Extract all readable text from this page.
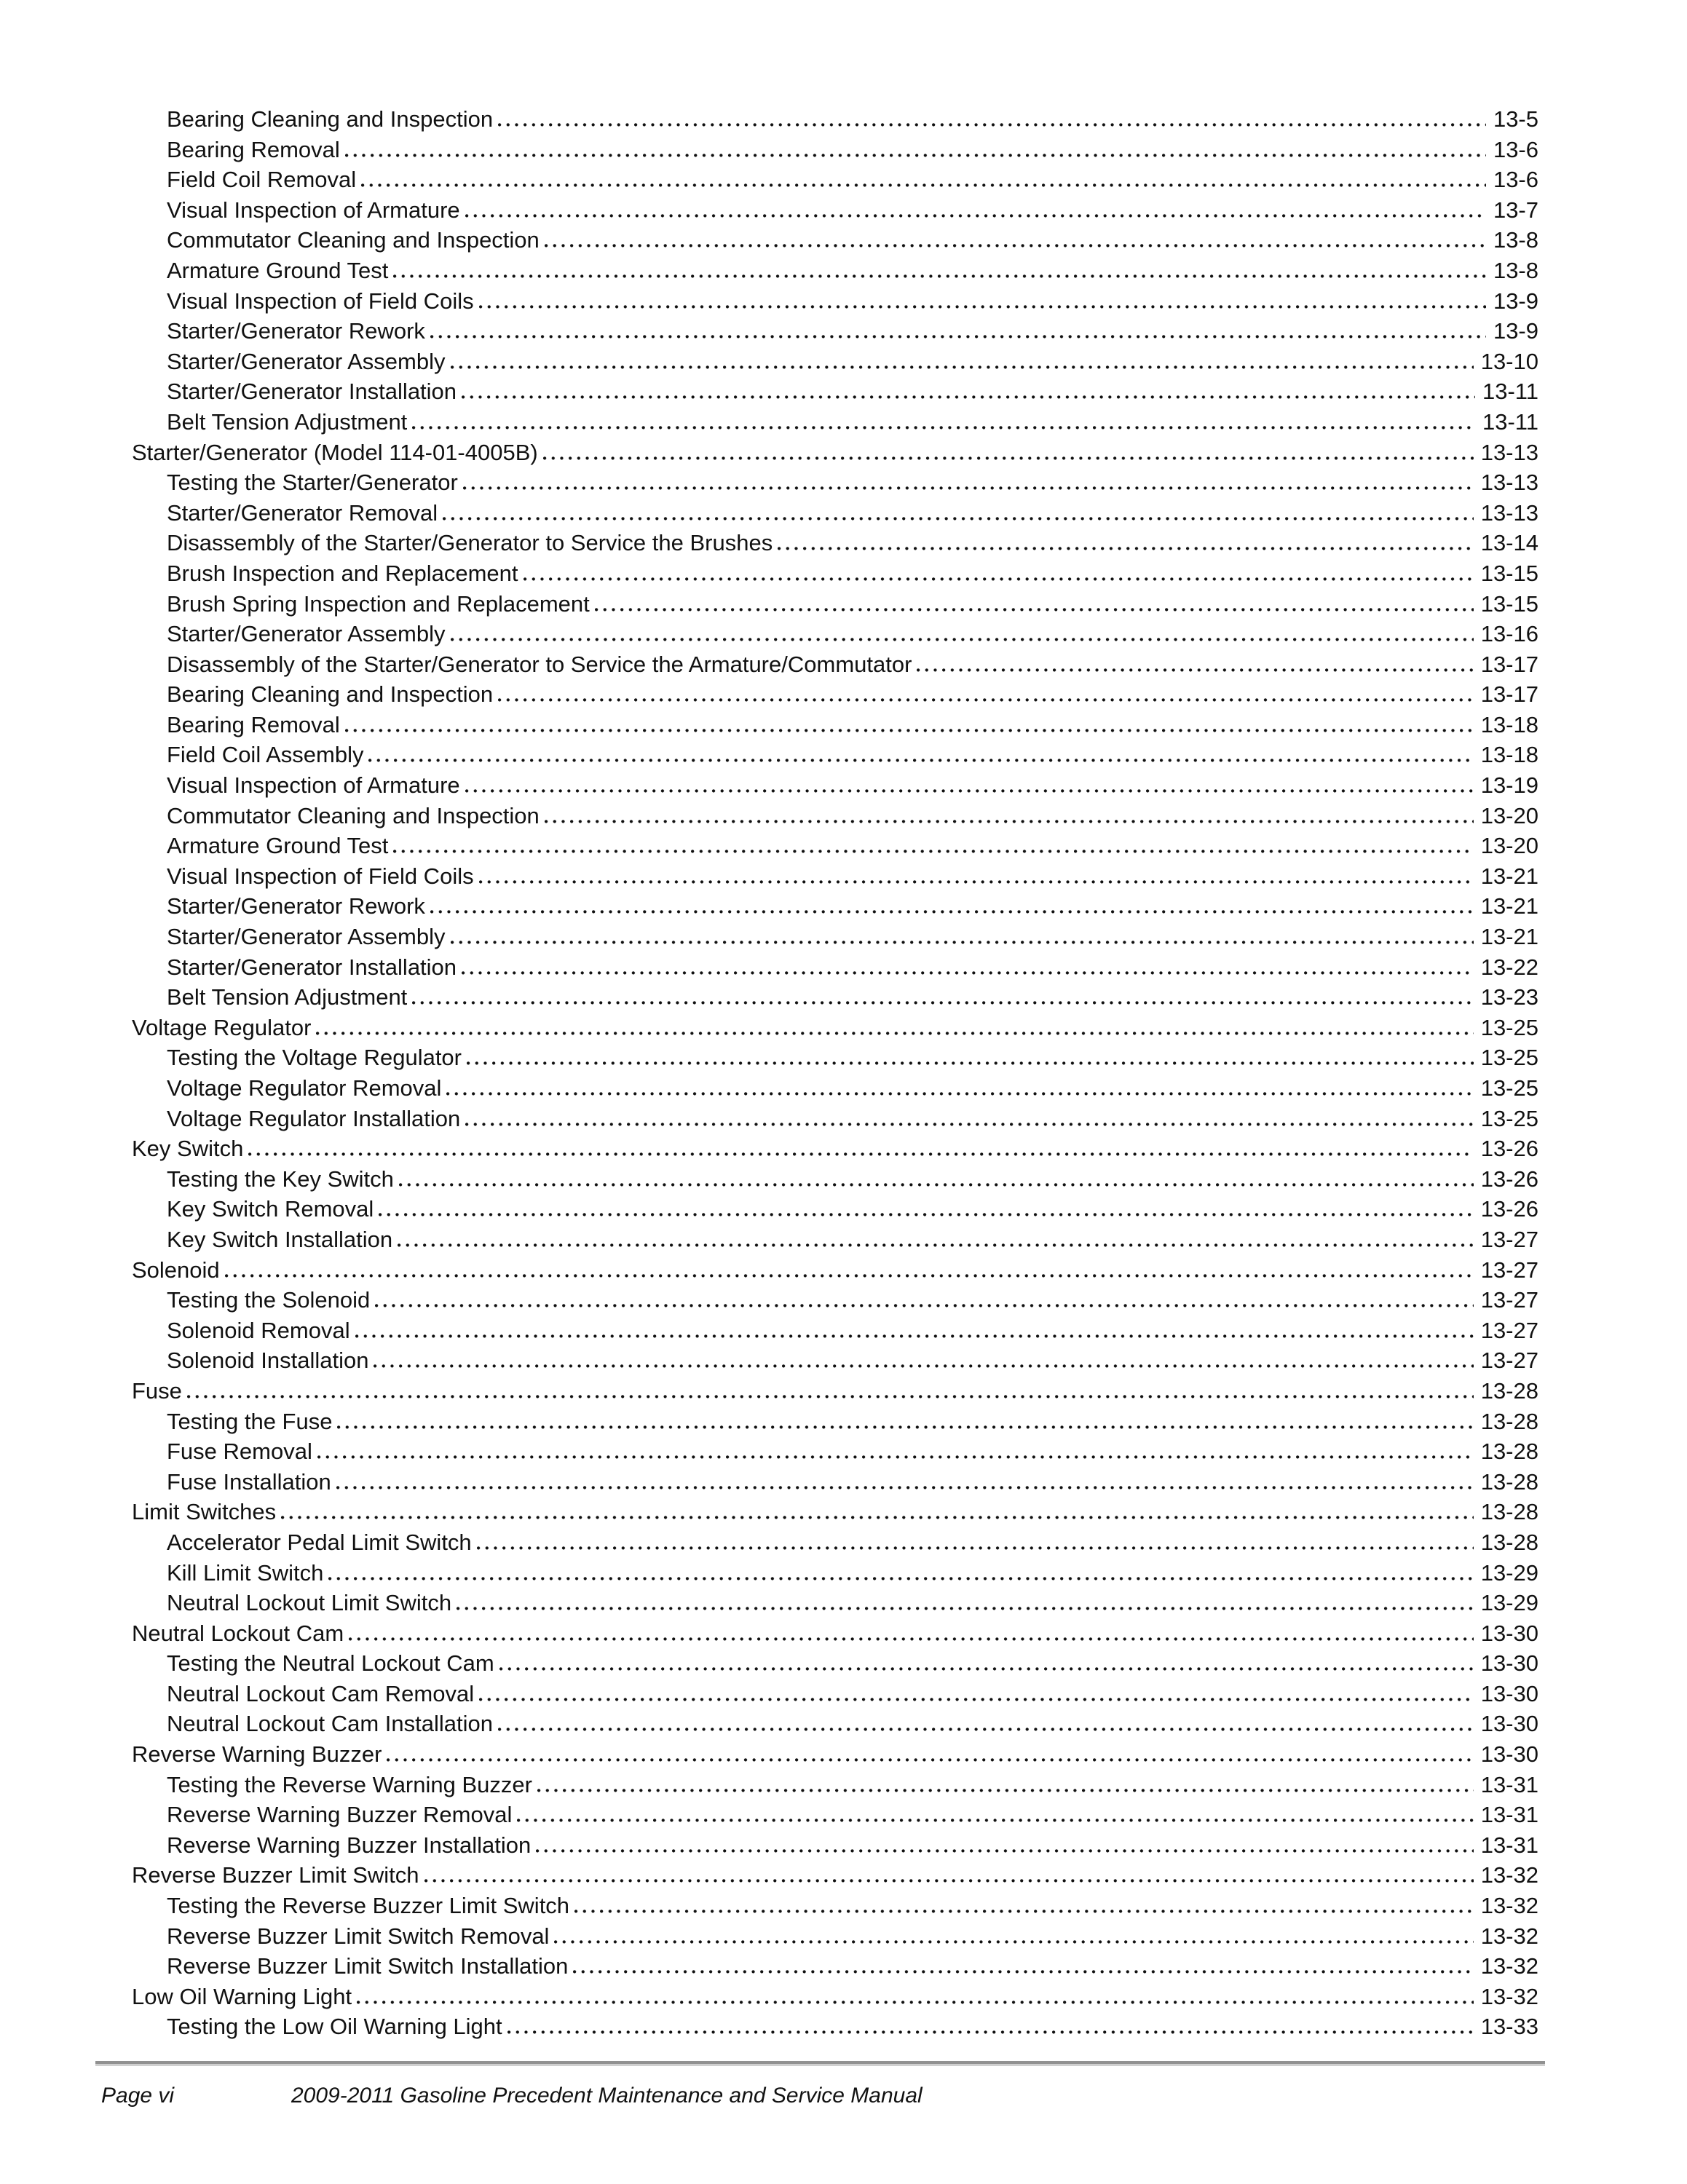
Bearing Cleaning and Inspection	13-5
Bearing Removal	13-6
Field Coil Removal	13-6
Visual Inspection of Armature	13-7
Commutator Cleaning and Inspection	13-8
Armature Ground Test	13-8
Visual Inspection of Field Coils	13-9
Starter/Generator Rework	13-9
Starter/Generator Assembly	13-10
Starter/Generator Installation	13-11
Belt Tension Adjustment	13-11
Starter/Generator (Model 114-01-4005B)	13-13
Testing the Starter/Generator	13-13
Starter/Generator Removal	13-13
Disassembly of the Starter/Generator to Service the Brushes	13-14
Brush Inspection and Replacement	13-15
Brush Spring Inspection and Replacement	13-15
Starter/Generator Assembly	13-16
Disassembly of the Starter/Generator to Service the Armature/Commutator	13-17
Bearing Cleaning and Inspection	13-17
Bearing Removal	13-18
Field Coil Assembly	13-18
Visual Inspection of Armature	13-19
Commutator Cleaning and Inspection	13-20
Armature Ground Test	13-20
Visual Inspection of Field Coils	13-21
Starter/Generator Rework	13-21
Starter/Generator Assembly	13-21
Starter/Generator Installation	13-22
Belt Tension Adjustment	13-23
Voltage Regulator	13-25
Testing the Voltage Regulator	13-25
Voltage Regulator Removal	13-25
Voltage Regulator Installation	13-25
Key Switch	13-26
Testing the Key Switch	13-26
Key Switch Removal	13-26
Key Switch Installation	13-27
Solenoid	13-27
Testing the Solenoid	13-27
Solenoid Removal	13-27
Solenoid Installation	13-27
Fuse	13-28
Testing the Fuse	13-28
Fuse Removal	13-28
Fuse Installation	13-28
Limit Switches	13-28
Accelerator Pedal Limit Switch	13-28
Kill Limit Switch	13-29
Neutral Lockout Limit Switch	13-29
Neutral Lockout Cam	13-30
Testing the Neutral Lockout Cam	13-30
Neutral Lockout Cam Removal	13-30
Neutral Lockout Cam Installation	13-30
Reverse Warning Buzzer	13-30
Testing the Reverse Warning Buzzer	13-31
Reverse Warning Buzzer Removal	13-31
Reverse Warning Buzzer Installation	13-31
Reverse Buzzer Limit Switch	13-32
Testing the Reverse Buzzer Limit Switch	13-32
Reverse Buzzer Limit Switch Removal	13-32
Reverse Buzzer Limit Switch Installation	13-32
Low Oil Warning Light	13-32
Testing the Low Oil Warning Light	13-33
Page vi	2009-2011 Gasoline Precedent Maintenance and Service Manual
